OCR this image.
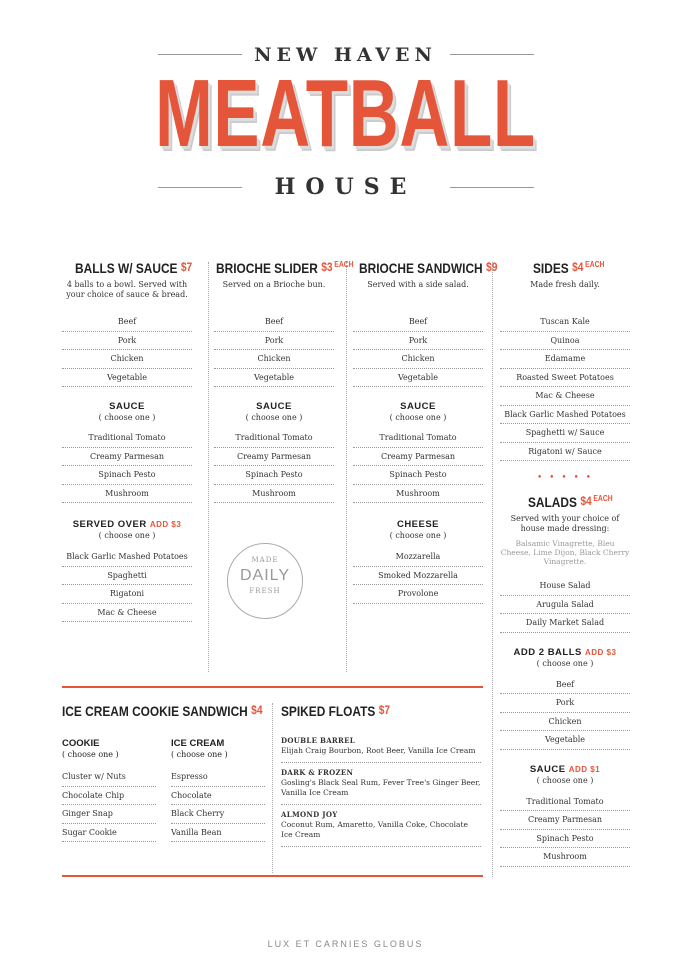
NEW HAVEN
MEATBALL
HOUSE
BALLS W/ SAUCE $7
4 balls to a bowl. Served with your choice of sauce & bread.
Beef
Pork
Chicken
Vegetable
SAUCE
( choose one )
Traditional Tomato
Creamy Parmesan
Spinach Pesto
Mushroom
SERVED OVER ADD $3
( choose one )
Black Garlic Mashed Potatoes
Spaghetti
Rigatoni
Mac & Cheese
BRIOCHE SLIDER $3 $^{EACH}$
Served on a Brioche bun.
Beef
Pork
Chicken
Vegetable
SAUCE
( choose one )
Traditional Tomato
Creamy Parmesan
Spinach Pesto
Mushroom
MADE
DAILY
FRESH
BRIOCHE SANDWICH $9
Served with a side salad.
Beef
Pork
Chicken
Vegetable
SAUCE
( choose one )
Traditional Tomato
Creamy Parmesan
Spinach Pesto
Mushroom
CHEESE
( choose one )
Mozzarella
Smoked Mozzarella
Provolone
SIDES $4 $^{EACH}$
Made fresh daily.
Tuscan Kale
Quinoa
Edamame
Roasted Sweet Potatoes
Mac & Cheese
Black Garlic Mashed Potatoes
Spaghetti w/ Sauce
Rigatoni w/ Sauce
• • • • •
SALADS $4 $^{EACH}$
Served with your choice of house made dressing:
Balsamic Vinagrette, Bleu Cheese, Lime Dijon, Black Cherry Vinagrette.
House Salad
Arugula Salad
Daily Market Salad
ADD 2 BALLS ADD $3
( choose one )
Beef
Pork
Chicken
Vegetable
SAUCE ADD $1
( choose one )
Traditional Tomato
Creamy Parmesan
Spinach Pesto
Mushroom
ICE CREAM COOKIE SANDWICH $4
COOKIE
( choose one )
Cluster w/ Nuts
Chocolate Chip
Ginger Snap
Sugar Cookie
ICE CREAM
( choose one )
Espresso
Chocolate
Black Cherry
Vanilla Bean
SPIKED FLOATS $7
DOUBLE BARREL
Elijah Craig Bourbon, Root Beer, Vanilla Ice Cream
DARK & FROZEN
Gosling's Black Seal Rum, Fever Tree's Ginger Beer, Vanilla Ice Cream
ALMOND JOY
Coconut Rum, Amaretto, Vanilla Coke, Chocolate Ice Cream
LUX ET CARNIES GLOBUS
